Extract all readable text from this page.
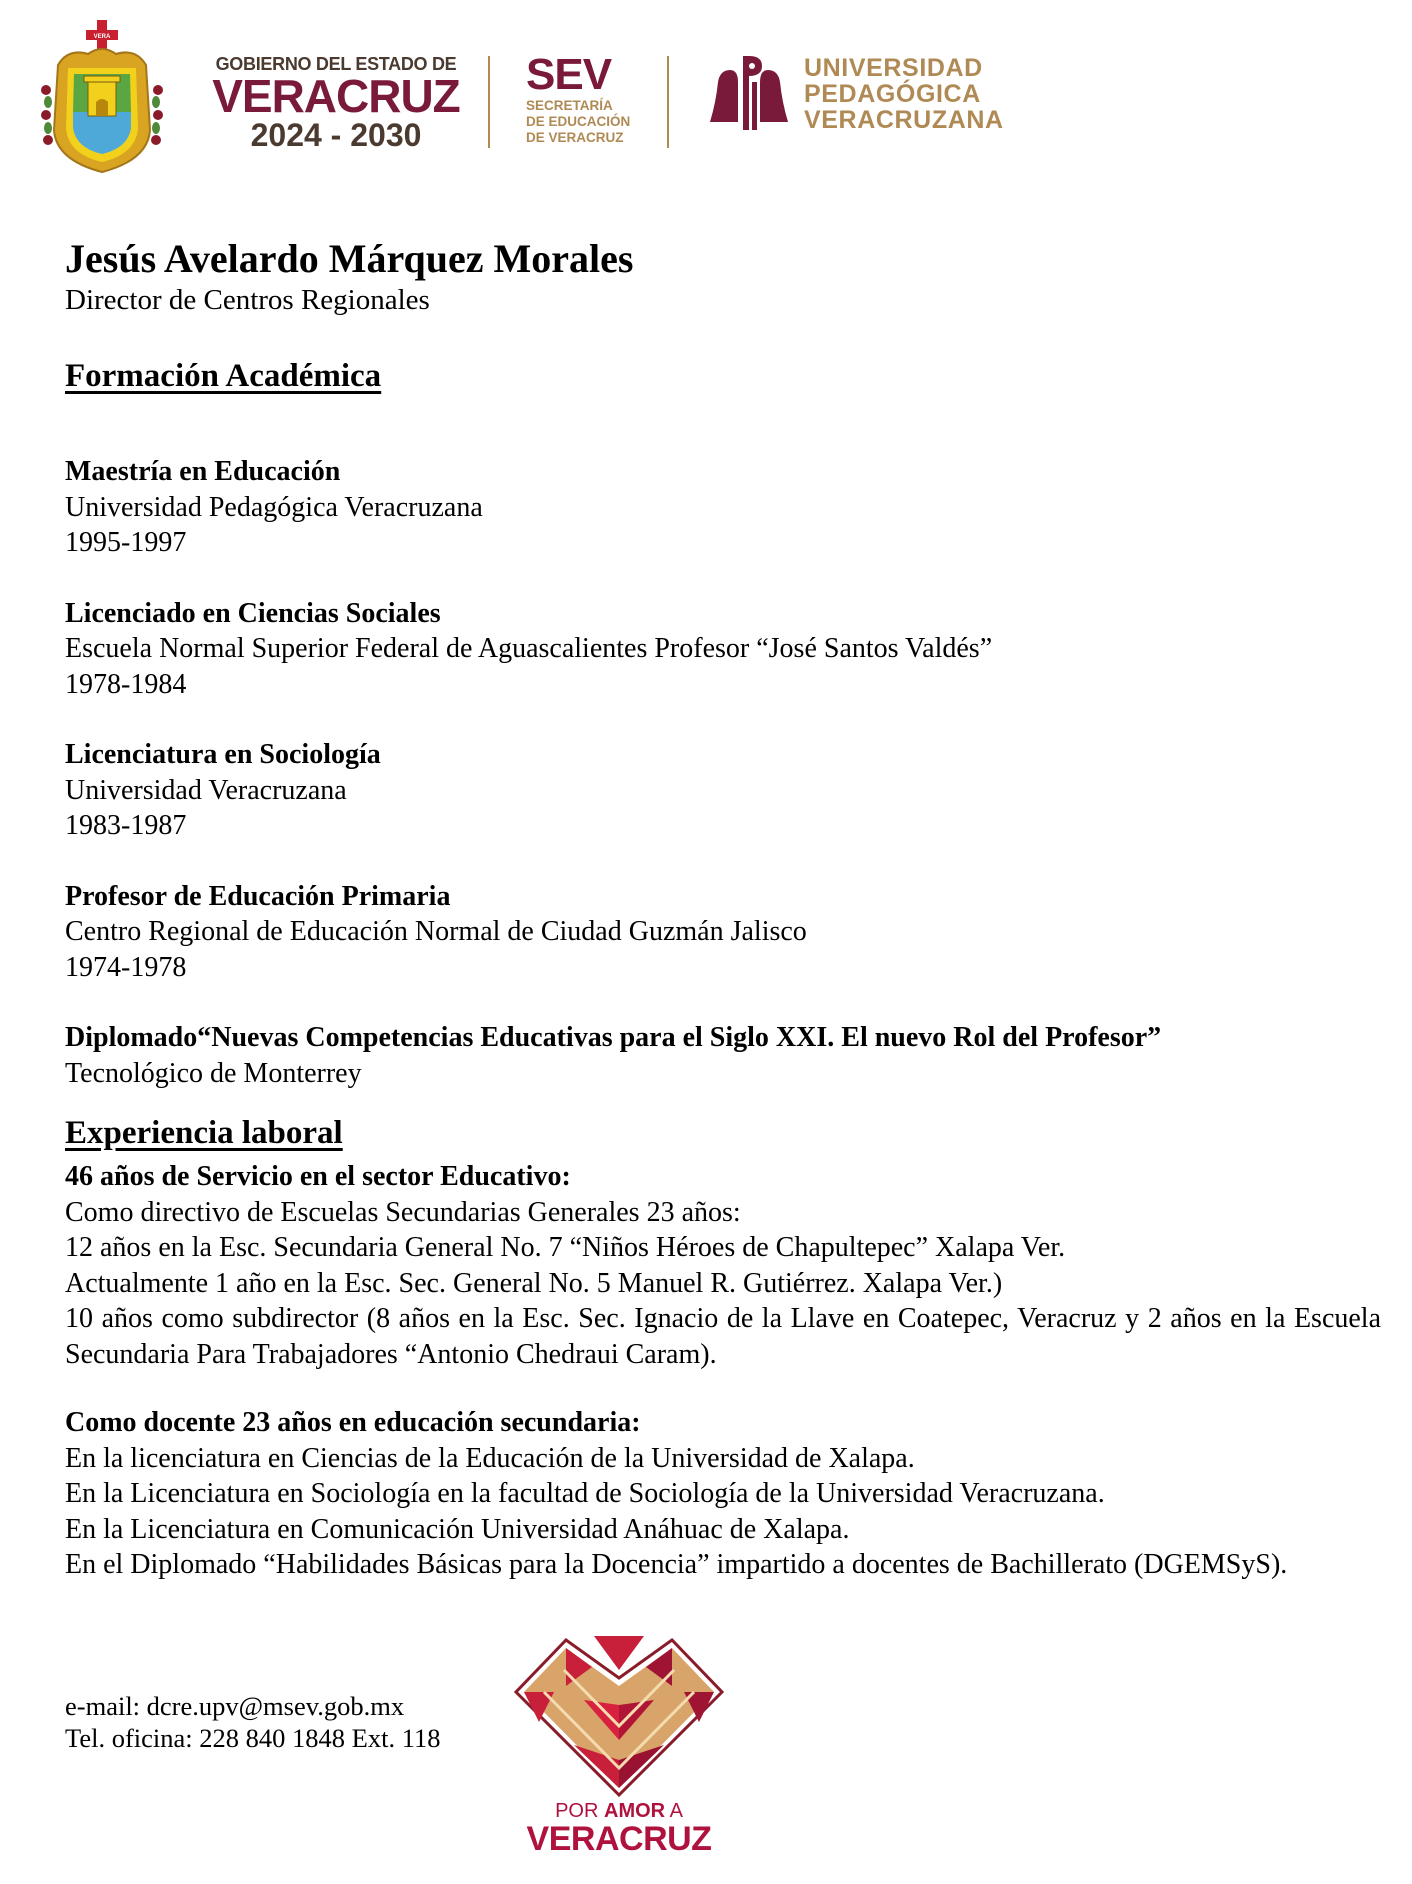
VERA
GOBIERNO DEL ESTADO DE
VERACRUZ
2024 - 2030
SEV
SECRETARÍA
DE EDUCACIÓN
DE VERACRUZ
UNIVERSIDAD
PEDAGÓGICA
VERACRUZANA
Jesús Avelardo Márquez Morales
Director de Centros Regionales
Formación Académica
Maestría en Educación
Universidad Pedagógica Veracruzana
1995-1997
Licenciado en Ciencias Sociales
Escuela Normal Superior Federal de Aguascalientes Profesor “José Santos Valdés”
1978-1984
Licenciatura en Sociología
Universidad Veracruzana
1983-1987
Profesor de Educación Primaria
Centro Regional de Educación Normal de Ciudad Guzmán Jalisco
1974-1978
Diplomado“Nuevas Competencias Educativas para el Siglo XXI. El nuevo Rol del Profesor”
Tecnológico de Monterrey
Experiencia laboral
46 años de Servicio en el sector Educativo:
Como directivo de Escuelas Secundarias Generales 23 años:
12 años en la Esc. Secundaria General No. 7 “Niños Héroes de Chapultepec” Xalapa Ver.
Actualmente 1 año en la Esc. Sec. General No. 5 Manuel R. Gutiérrez. Xalapa Ver.)
10 años como subdirector (8 años en la Esc. Sec. Ignacio de la Llave en Coatepec, Veracruz y 2 años en la Escuela Secundaria Para Trabajadores “Antonio Chedraui Caram).
Como docente 23 años en educación secundaria:
En la licenciatura en Ciencias de la Educación de la Universidad de Xalapa.
En la Licenciatura en Sociología en la facultad de Sociología de la Universidad Veracruzana.
En la Licenciatura en Comunicación Universidad Anáhuac de Xalapa.
En el Diplomado “Habilidades Básicas para la Docencia” impartido a docentes de Bachillerato (DGEMSyS).
e-mail: dcre.upv@msev.gob.mx
Tel. oficina: 228 840 1848 Ext. 118
POR AMOR A
VERACRUZ
